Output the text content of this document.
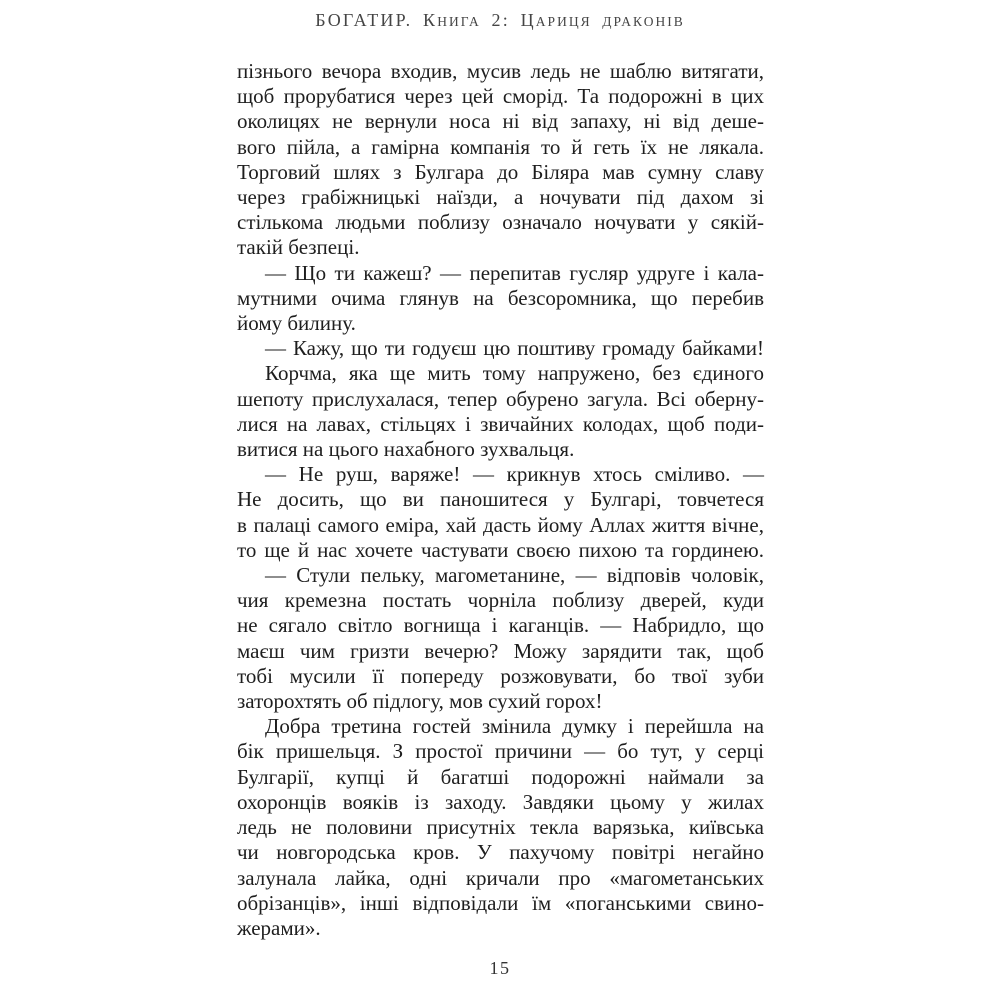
БОГАТИР. КНИГА 2: ЦАРИЦЯ ДРАКОНІВ
пізнього вечора входив, мусив ледь не шаблю витягати,
щоб прорубатися через цей сморід. Та подорожні в цих
околицях не вернули носа ні від запаху, ні від деше-
вого пійла, а гамірна компанія то й геть їх не лякала.
Торговий шлях з Булгара до Біляра мав сумну славу
через грабіжницькі наїзди, а ночувати під дахом зі
стількома людьми поблизу означало ночувати у сякій-
такій безпеці.
— Що ти кажеш? — перепитав гусляр удруге і кала-
мутними очима глянув на безсоромника, що перебив
йому билину.
— Кажу, що ти годуєш цю поштиву громаду байками!
Корчма, яка ще мить тому напружено, без єдиного
шепоту прислухалася, тепер обурено загула. Всі оберну-
лися на лавах, стільцях і звичайних колодах, щоб поди-
витися на цього нахабного зухвальця.
— Не руш, варяже! — крикнув хтось сміливо. —
Не досить, що ви паношитеся у Булгарі, товчетеся
в палаці самого еміра, хай дасть йому Аллах життя вічне,
то ще й нас хочете частувати своєю пихою та гординею.
— Стули пельку, магометанине, — відповів чоловік,
чия кремезна постать чорніла поблизу дверей, куди
не сягало світло вогнища і каганців. — Набридло, що
маєш чим гризти вечерю? Можу зарядити так, щоб
тобі мусили її попереду розжовувати, бо твої зуби
заторохтять об підлогу, мов сухий горох!
Добра третина гостей змінила думку і перейшла на
бік пришельця. З простої причини — бо тут, у серці
Булгарії, купці й багатші подорожні наймали за
охоронців вояків із заходу. Завдяки цьому у жилах
ледь не половини присутніх текла варязька, київська
чи новгородська кров. У пахучому повітрі негайно
залунала лайка, одні кричали про «магометанських
обрізанців», інші відповідали їм «поганськими свино-
жерами».
15
